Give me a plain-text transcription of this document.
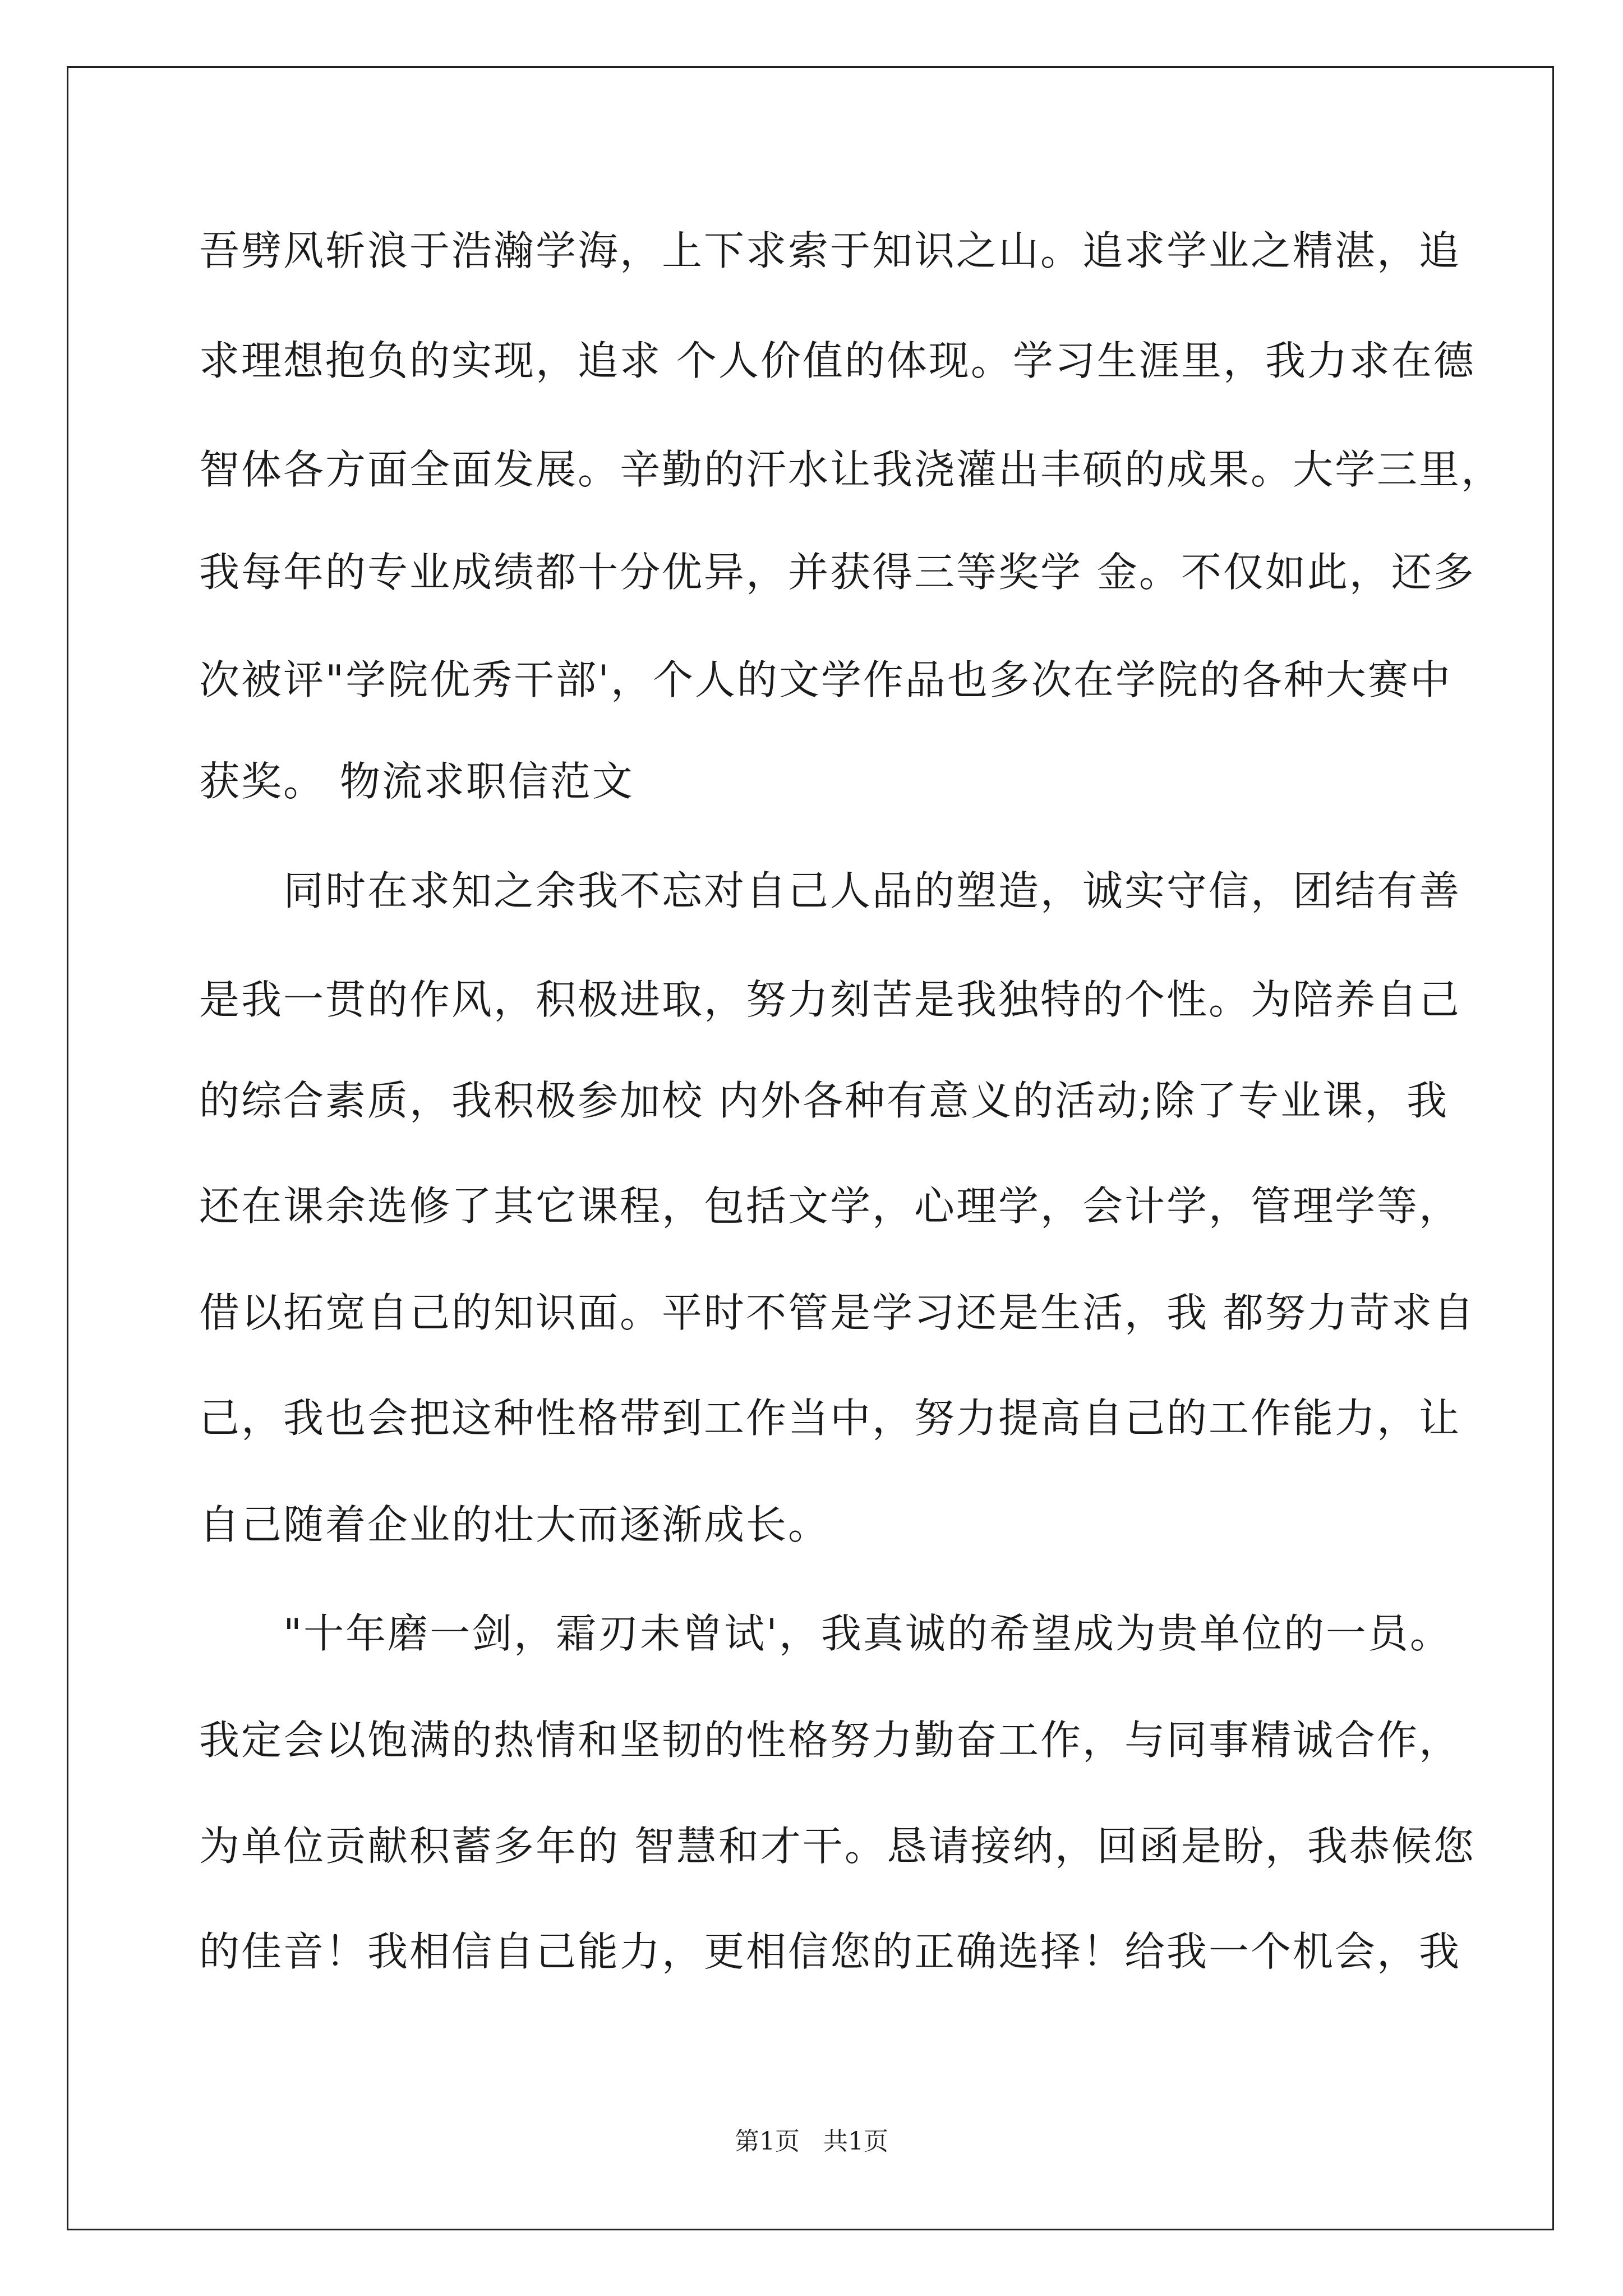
吾劈风斩浪于浩瀚学海，上下求索于知识之山。追求学业之精湛，追
求理想抱负的实现，追求 个人价值的体现。学习生涯里，我力求在德
智体各方面全面发展。辛勤的汗水让我浇灌出丰硕的成果。大学三里，
我每年的专业成绩都十分优异，并获得三等奖学 金。不仅如此，还多
次被评"学院优秀干部'，个人的文学作品也多次在学院的各种大赛中
获奖。 物流求职信范文
同时在求知之余我不忘对自己人品的塑造，诚实守信，团结有善
是我一贯的作风，积极进取，努力刻苦是我独特的个性。为陪养自己
的综合素质，我积极参加校 内外各种有意义的活动;除了专业课，我
还在课余选修了其它课程，包括文学，心理学，会计学，管理学等，
借以拓宽自己的知识面。平时不管是学习还是生活，我 都努力苛求自
己，我也会把这种性格带到工作当中，努力提高自己的工作能力，让
自己随着企业的壮大而逐渐成长。
"十年磨一剑，霜刃未曾试'，我真诚的希望成为贵单位的一员。
我定会以饱满的热情和坚韧的性格努力勤奋工作，与同事精诚合作，
为单位贡献积蓄多年的 智慧和才干。恳请接纳，回函是盼，我恭候您
的佳音！我相信自己能力，更相信您的正确选择！给我一个机会，我
第1页   共1页
